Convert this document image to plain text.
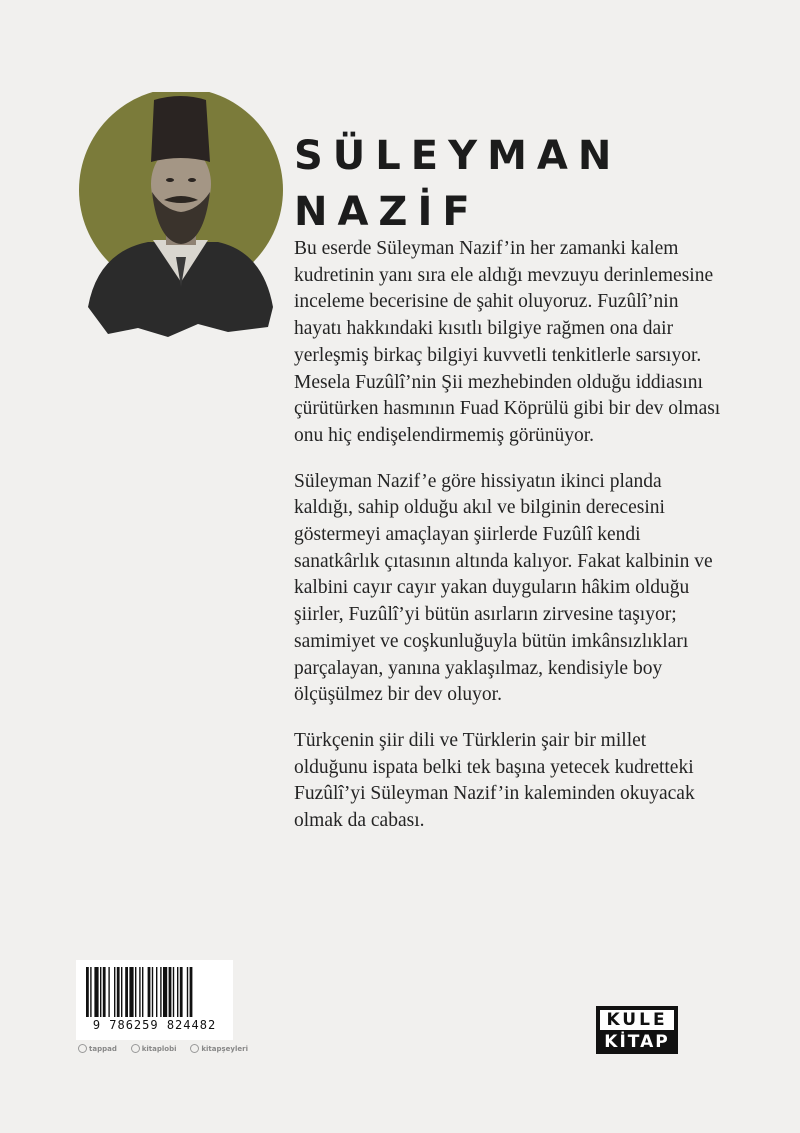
SÜLEYMAN
NAZİF

Bu eserde Süleyman Nazif’in her zamanki kalem kudretinin yanı sıra ele aldığı mevzuyu derinlemesine inceleme becerisine de şahit oluyoruz. Fuzûlî’nin hayatı hakkındaki kısıtlı bilgiye rağmen ona dair yerleşmiş birkaç bilgiyi kuvvetli tenkitlerle sarsıyor. Mesela Fuzûlî’nin Şii mezhebinden olduğu iddiasını çürütürken hasmının Fuad Köprülü gibi bir dev olması onu hiç endişelendirmemiş görünüyor.

Süleyman Nazif’e göre hissiyatın ikinci planda kaldığı, sahip olduğu akıl ve bilginin derecesini göstermeyi amaçlayan şiirlerde Fuzûlî kendi sanatkârlık çıtasının altında kalıyor. Fakat kalbinin ve kalbini cayır cayır yakan duyguların hâkim olduğu şiirler, Fuzûlî’yi bütün asırların zirvesine taşıyor; samimiyet ve coşkunluğuyla bütün imkânsızlıkları parçalayan, yanına yaklaşılmaz, kendisiyle boy ölçüşülmez bir dev oluyor.

Türkçenin şiir dili ve Türklerin şair bir millet olduğunu ispata belki tek başına yetecek kudretteki Fuzûlî’yi Süleyman Nazif’in kaleminden okuyacak olmak da cabası.

9 786259 824482
tappad	kitaplobi	kitapşeyleri
KULE
KİTAP
